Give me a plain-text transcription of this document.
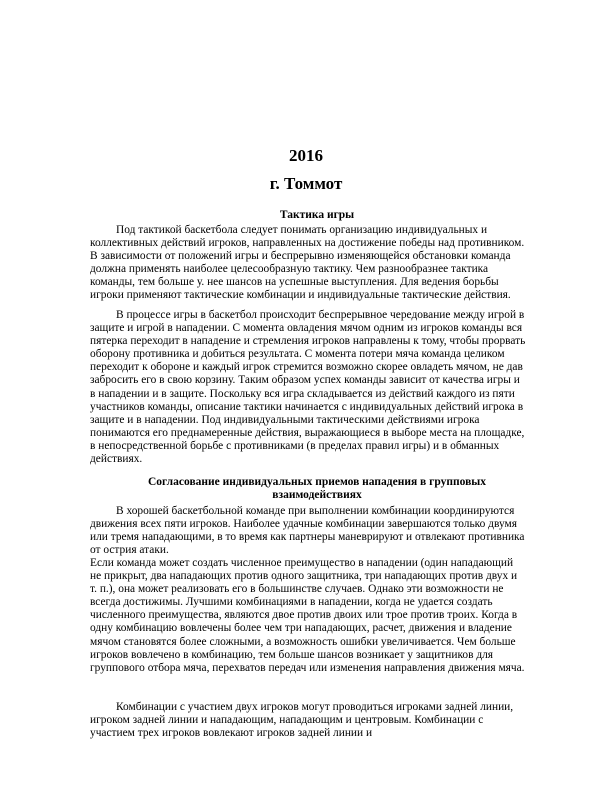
2016
г. Томмот
Тактика игры

Под тактикой баскетбола следует понимать организацию индивидуальных и коллективных действий игроков, направленных на достижение победы над противником. В зависимости от положений игры и беспрерывно изменяющейся обстановки команда должна применять наиболее целесообразную тактику. Чем разнообразнее тактика команды, тем больше у. нее шансов на успешные выступления. Для ведения борьбы игроки применяют тактические комбинации и индивидуальные тактические действия.

В процессе игры в баскетбол происходит беспрерывное чередование между игрой в защите и игрой в нападении. С момента овладения мячом одним из игроков команды вся пятерка переходит в нападение и стремления игроков направлены к тому, чтобы прорвать оборону противника и добиться результата. С момента потери мяча команда целиком переходит к обороне и каждый игрок стремится возможно скорее овладеть мячом, не дав забросить его в свою корзину. Таким образом успех команды зависит от качества игры и в нападении и в защите. Поскольку вся игра складывается из действий каждого из пяти участников команды, описание тактики начинается с индивидуальных действий игрока в защите и в нападении. Под индивидуальными тактическими действиями игрока понимаются его преднамеренные действия, выражающиеся в выборе места на площадке, в непосредственной борьбе с противниками (в пределах правил игры) и в обманных действиях.

Согласование индивидуальных приемов нападения в групповых взаимодействиях

В хорошей баскетбольной команде при выполнении комбинации координируются движения всех пяти игроков. Наиболее удачные комбинации завершаются только двумя или тремя нападающими, в то время как партнеры маневрируют и отвлекают противника от острия атаки.

Если команда может создать численное преимущество в нападении (один нападающий не прикрыт, два нападающих против одного защитника, три нападающих против двух и т. п.), она может реализовать его в большинстве случаев. Однако эти возможности не всегда достижимы. Лучшими комбинациями в нападении, когда не удается создать численного преимущества, являются двое против двоих или трое против троих. Когда в одну комбинацию вовлечены более чем три нападающих, расчет, движения и владение мячом становятся более сложными, а возможность ошибки увеличивается. Чем больше игроков вовлечено в комбинацию, тем больше шансов возникает у защитников для группового отбора мяча, перехватов передач или изменения направления движения мяча.

Комбинации с участием двух игроков могут проводиться игроками задней линии, игроком задней линии и нападающим, нападающим и центровым. Комбинации с участием трех игроков вовлекают игроков задней линии и
